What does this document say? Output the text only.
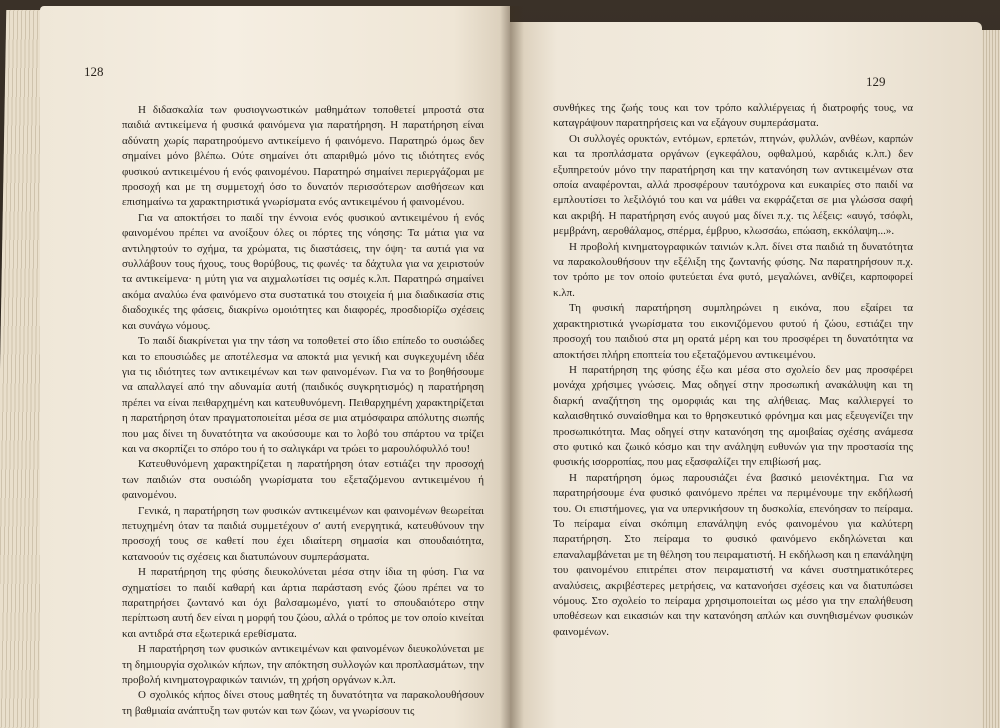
128
129

Η διδασκαλία των φυσιογνωστικών μαθημάτων τοποθετεί μπροστά στα παιδιά αντικείμενα ή φυσικά φαινόμενα για παρατήρηση. Η παρατήρηση είναι αδύνατη χωρίς παρατηρούμενο αντικείμενο ή φαινόμενο. Παρατηρώ όμως δεν σημαίνει μόνο βλέπω. Ούτε σημαίνει ότι απαριθμώ μόνο τις ιδιότητες ενός φυσικού αντικειμένου ή ενός φαινομένου. Παρατηρώ σημαίνει περιεργάζομαι με προσοχή και με τη συμμετοχή όσο το δυνατόν περισσότερων αισθήσεων και επισημαίνω τα χαρακτηριστικά γνωρίσματα ενός αντικειμένου ή φαινομένου.

Για να αποκτήσει το παιδί την έννοια ενός φυσικού αντικειμένου ή ενός φαινομένου πρέπει να ανοίξουν όλες οι πόρτες της νόησης: Τα μάτια για να αντιληφτούν το σχήμα, τα χρώματα, τις διαστάσεις, την όψη· τα αυτιά για να συλλάβουν τους ήχους, τους θορύβους, τις φωνές· τα δάχτυλα για να χειριστούν τα αντικείμενα· η μύτη για να αιχμαλωτίσει τις οσμές κ.λπ. Παρατηρώ σημαίνει ακόμα αναλύω ένα φαινόμενο στα συστατικά του στοιχεία ή μια διαδικασία στις διαδοχικές της φάσεις, διακρίνω ομοιότητες και διαφορές, προσδιορίζω σχέσεις και συνάγω νόμους.

Το παιδί διακρίνεται για την τάση να τοποθετεί στο ίδιο επίπεδο το ουσιώδες και το επουσιώδες με αποτέλεσμα να αποκτά μια γενική και συγκεχυμένη ιδέα για τις ιδιότητες των αντικειμένων και των φαινομένων. Για να το βοηθήσουμε να απαλλαγεί από την αδυναμία αυτή (παιδικός συγκρητισμός) η παρατήρηση πρέπει να είναι πειθαρχημένη και κατευθυνόμενη. Πειθαρχημένη χαρακτηρίζεται η παρατήρηση όταν πραγματοποιείται μέσα σε μια ατμόσφαιρα απόλυτης σιωπής που μας δίνει τη δυνατότητα να ακούσουμε και το λοβό του σπάρτου να τρίζει και να σκορπίζει το σπόρο του ή το σαλιγκάρι να τρώει το μαρουλόφυλλό του!

Κατευθυνόμενη χαρακτηρίζεται η παρατήρηση όταν εστιάζει την προσοχή των παιδιών στα ουσιώδη γνωρίσματα του εξεταζόμενου αντικειμένου ή φαινομένου.

Γενικά, η παρατήρηση των φυσικών αντικειμένων και φαινομένων θεωρείται πετυχημένη όταν τα παιδιά συμμετέχουν σ' αυτή ενεργητικά, κατευθύνουν την προσοχή τους σε καθετί που έχει ιδιαίτερη σημασία και σπουδαιότητα, κατανοούν τις σχέσεις και διατυπώνουν συμπεράσματα.

Η παρατήρηση της φύσης διευκολύνεται μέσα στην ίδια τη φύση. Για να σχηματίσει το παιδί καθαρή και άρτια παράσταση ενός ζώου πρέπει να το παρατηρήσει ζωντανό και όχι βαλσαμωμένο, γιατί το σπουδαιότερο στην περίπτωση αυτή δεν είναι η μορφή του ζώου, αλλά ο τρόπος με τον οποίο κινείται και αντιδρά στα εξωτερικά ερεθίσματα.

Η παρατήρηση των φυσικών αντικειμένων και φαινομένων διευκολύνεται με τη δημιουργία σχολικών κήπων, την απόκτηση συλλογών και προπλασμάτων, την προβολή κινηματογραφικών ταινιών, τη χρήση οργάνων κ.λπ.

Ο σχολικός κήπος δίνει στους μαθητές τη δυνατότητα να παρακολουθήσουν τη βαθμιαία ανάπτυξη των φυτών και των ζώων, να γνωρίσουν τις

συνθήκες της ζωής τους και τον τρόπο καλλιέργειας ή διατροφής τους, να καταγράψουν παρατηρήσεις και να εξάγουν συμπεράσματα.

Οι συλλογές ορυκτών, εντόμων, ερπετών, πτηνών, φυλλών, ανθέων, καρπών και τα προπλάσματα οργάνων (εγκεφάλου, οφθαλμού, καρδιάς κ.λπ.) δεν εξυπηρετούν μόνο την παρατήρηση και την κατανόηση των αντικειμένων στα οποία αναφέρονται, αλλά προσφέρουν ταυτόχρονα και ευκαιρίες στο παιδί να εμπλουτίσει το λεξιλόγιό του και να μάθει να εκφράζεται σε μια γλώσσα σαφή και ακριβή. Η παρατήρηση ενός αυγού μας δίνει π.χ. τις λέξεις: «αυγό, τσόφλι, μεμβράνη, αεροθάλαμος, σπέρμα, έμβρυο, κλωσσάω, επώαση, εκκόλαψη...».

Η προβολή κινηματογραφικών ταινιών κ.λπ. δίνει στα παιδιά τη δυνατότητα να παρακολουθήσουν την εξέλιξη της ζωντανής φύσης. Να παρατηρήσουν π.χ. τον τρόπο με τον οποίο φυτεύεται ένα φυτό, μεγαλώνει, ανθίζει, καρποφορεί κ.λπ.

Τη φυσική παρατήρηση συμπληρώνει η εικόνα, που εξαίρει τα χαρακτηριστικά γνωρίσματα του εικονιζόμενου φυτού ή ζώου, εστιάζει την προσοχή του παιδιού στα μη ορατά μέρη και του προσφέρει τη δυνατότητα να αποκτήσει πλήρη εποπτεία του εξεταζόμενου αντικειμένου.

Η παρατήρηση της φύσης έξω και μέσα στο σχολείο δεν μας προσφέρει μονάχα χρήσιμες γνώσεις. Μας οδηγεί στην προσωπική ανακάλυψη και τη διαρκή αναζήτηση της ομορφιάς και της αλήθειας. Μας καλλιεργεί το καλαισθητικό συναίσθημα και το θρησκευτικό φρόνημα και μας εξευγενίζει την προσωπικότητα. Μας οδηγεί στην κατανόηση της αμοιβαίας σχέσης ανάμεσα στο φυτικό και ζωικό κόσμο και την ανάληψη ευθυνών για την προστασία της φυσικής ισορροπίας, που μας εξασφαλίζει την επιβίωσή μας.

Η παρατήρηση όμως παρουσιάζει ένα βασικό μειονέκτημα. Για να παρατηρήσουμε ένα φυσικό φαινόμενο πρέπει να περιμένουμε την εκδήλωσή του. Οι επιστήμονες, για να υπερνικήσουν τη δυσκολία, επενόησαν το πείραμα. Το πείραμα είναι σκόπιμη επανάληψη ενός φαινομένου για καλύτερη παρατήρηση. Στο πείραμα το φυσικό φαινόμενο εκδηλώνεται και επαναλαμβάνεται με τη θέληση του πειραματιστή. Η εκδήλωση και η επανάληψη του φαινομένου επιτρέπει στον πειραματιστή να κάνει συστηματικότερες αναλύσεις, ακριβέστερες μετρήσεις, να κατανοήσει σχέσεις και να διατυπώσει νόμους. Στο σχολείο το πείραμα χρησιμοποιείται ως μέσο για την επαλήθευση υποθέσεων και εικασιών και την κατανόηση απλών και συνηθισμένων φυσικών φαινομένων.
